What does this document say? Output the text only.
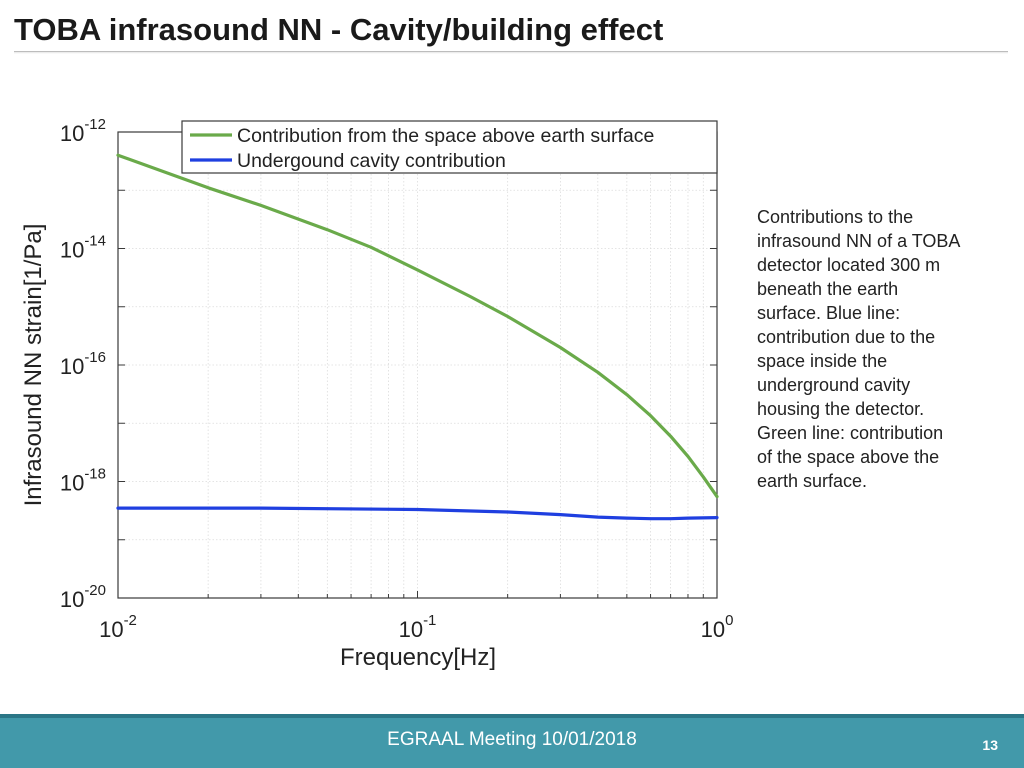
TOBA infrasound NN - Cavity/building effect
Contribution from the space above earth surface
Undergound cavity contribution
$10^{-2}$	$10^{-1}$	$10^0$
$10^{-12}$
$10^{-14}$
$10^{-16}$
$10^{-18}$
$10^{-20}$
Frequency[Hz]
Infrasound NN strain[1/Pa]
Contributions to the
infrasound NN of a TOBA
detector located 300 m
beneath the earth
surface. Blue line:
contribution due to the
space inside the
underground cavity
housing the detector.
Green line: contribution
of the space above the
earth surface.
EGRAAL Meeting 10/01/2018	13
